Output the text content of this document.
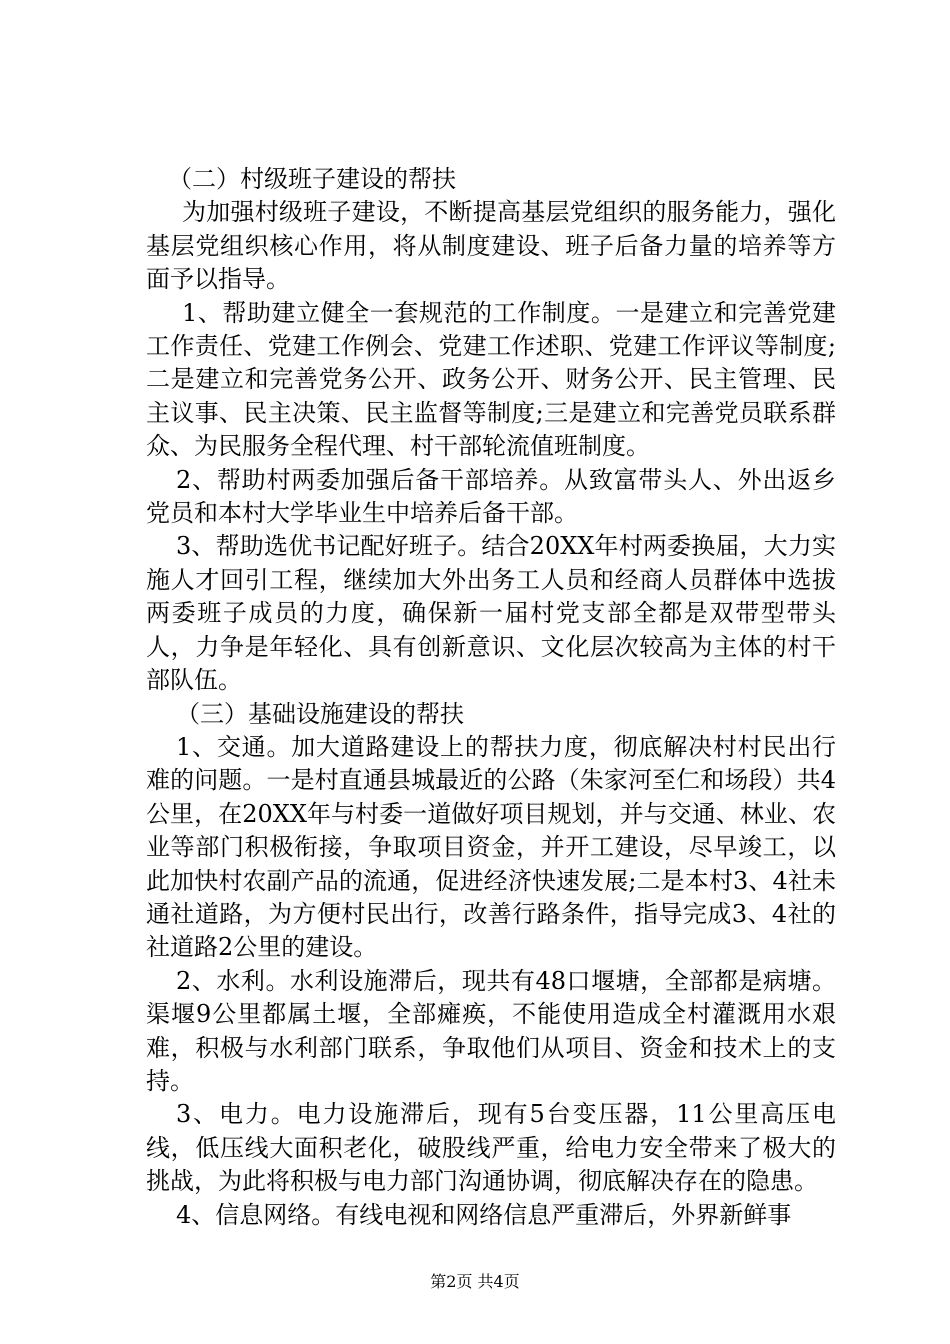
（二）村级班子建设的帮扶

为加强村级班子建设，不断提高基层党组织的服务能力，强化基层党组织核心作用，将从制度建设、班子后备力量的培养等方面予以指导。

1、帮助建立健全一套规范的工作制度。一是建立和完善党建工作责任、党建工作例会、党建工作述职、党建工作评议等制度;二是建立和完善党务公开、政务公开、财务公开、民主管理、民主议事、民主决策、民主监督等制度;三是建立和完善党员联系群众、为民服务全程代理、村干部轮流值班制度。

2、帮助村两委加强后备干部培养。从致富带头人、外出返乡党员和本村大学毕业生中培养后备干部。

3、帮助选优书记配好班子。结合20XX年村两委换届，大力实施人才回引工程，继续加大外出务工人员和经商人员群体中选拔两委班子成员的力度，确保新一届村党支部全都是双带型带头人，力争是年轻化、具有创新意识、文化层次较高为主体的村干部队伍。

（三）基础设施建设的帮扶

1、交通。加大道路建设上的帮扶力度，彻底解决村村民出行难的问题。一是村直通县城最近的公路（朱家河至仁和场段）共4公里，在20XX年与村委一道做好项目规划，并与交通、林业、农业等部门积极衔接，争取项目资金，并开工建设，尽早竣工，以此加快村农副产品的流通，促进经济快速发展;二是本村3、4社未通社道路，为方便村民出行，改善行路条件，指导完成3、4社的社道路2公里的建设。

2、水利。水利设施滞后，现共有48口堰塘，全部都是病塘。渠堰9公里都属土堰，全部瘫痪，不能使用造成全村灌溉用水艰难，积极与水利部门联系，争取他们从项目、资金和技术上的支持。

3、电力。电力设施滞后，现有5台变压器，11公里高压电线，低压线大面积老化，破股线严重，给电力安全带来了极大的挑战，为此将积极与电力部门沟通协调，彻底解决存在的隐患。

4、信息网络。有线电视和网络信息严重滞后，外界新鲜事

第2页 共4页
